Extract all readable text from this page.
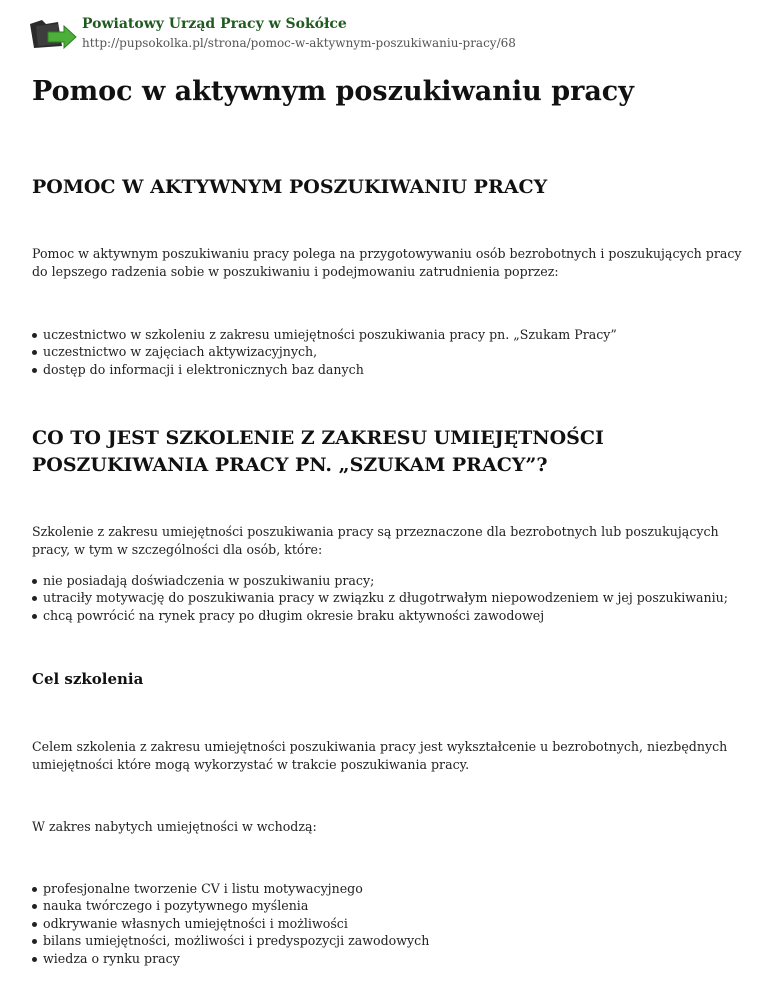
Powiatowy Urząd Pracy w Sokółce
http://pupsokolka.pl/strona/pomoc-w-aktywnym-poszukiwaniu-pracy/68
Pomoc w aktywnym poszukiwaniu pracy
POMOC W AKTYWNYM POSZUKIWANIU PRACY

Pomoc w aktywnym poszukiwaniu pracy polega na przygotowywaniu osób bezrobotnych i poszukujących pracy do lepszego radzenia sobie w poszukiwaniu i podejmowaniu zatrudnienia poprzez:

uczestnictwo w szkoleniu z zakresu umiejętności poszukiwania pracy pn. „Szukam Pracy”
uczestnictwo w zajęciach aktywizacyjnych,
dostęp do informacji i elektronicznych baz danych
CO TO JEST SZKOLENIE Z ZAKRESU UMIEJĘTNOŚCI POSZUKIWANIA PRACY PN. „SZUKAM PRACY”?

Szkolenie z zakresu umiejętności poszukiwania pracy są przeznaczone dla bezrobotnych lub poszukujących pracy, w tym w szczególności dla osób, które:

nie posiadają doświadczenia w poszukiwaniu pracy;
utraciły motywację do poszukiwania pracy w związku z długotrwałym niepowodzeniem w jej poszukiwaniu;
chcą powrócić na rynek pracy po długim okresie braku aktywności zawodowej
Cel szkolenia

Celem szkolenia z zakresu umiejętności poszukiwania pracy jest wykształcenie u bezrobotnych, niezbędnych umiejętności które mogą wykorzystać w trakcie poszukiwania pracy.

W zakres nabytych umiejętności w wchodzą:

profesjonalne tworzenie CV i listu motywacyjnego
nauka twórczego i pozytywnego myślenia
odkrywanie własnych umiejętności i możliwości
bilans umiejętności, możliwości i predyspozycji zawodowych
wiedza o rynku pracy
